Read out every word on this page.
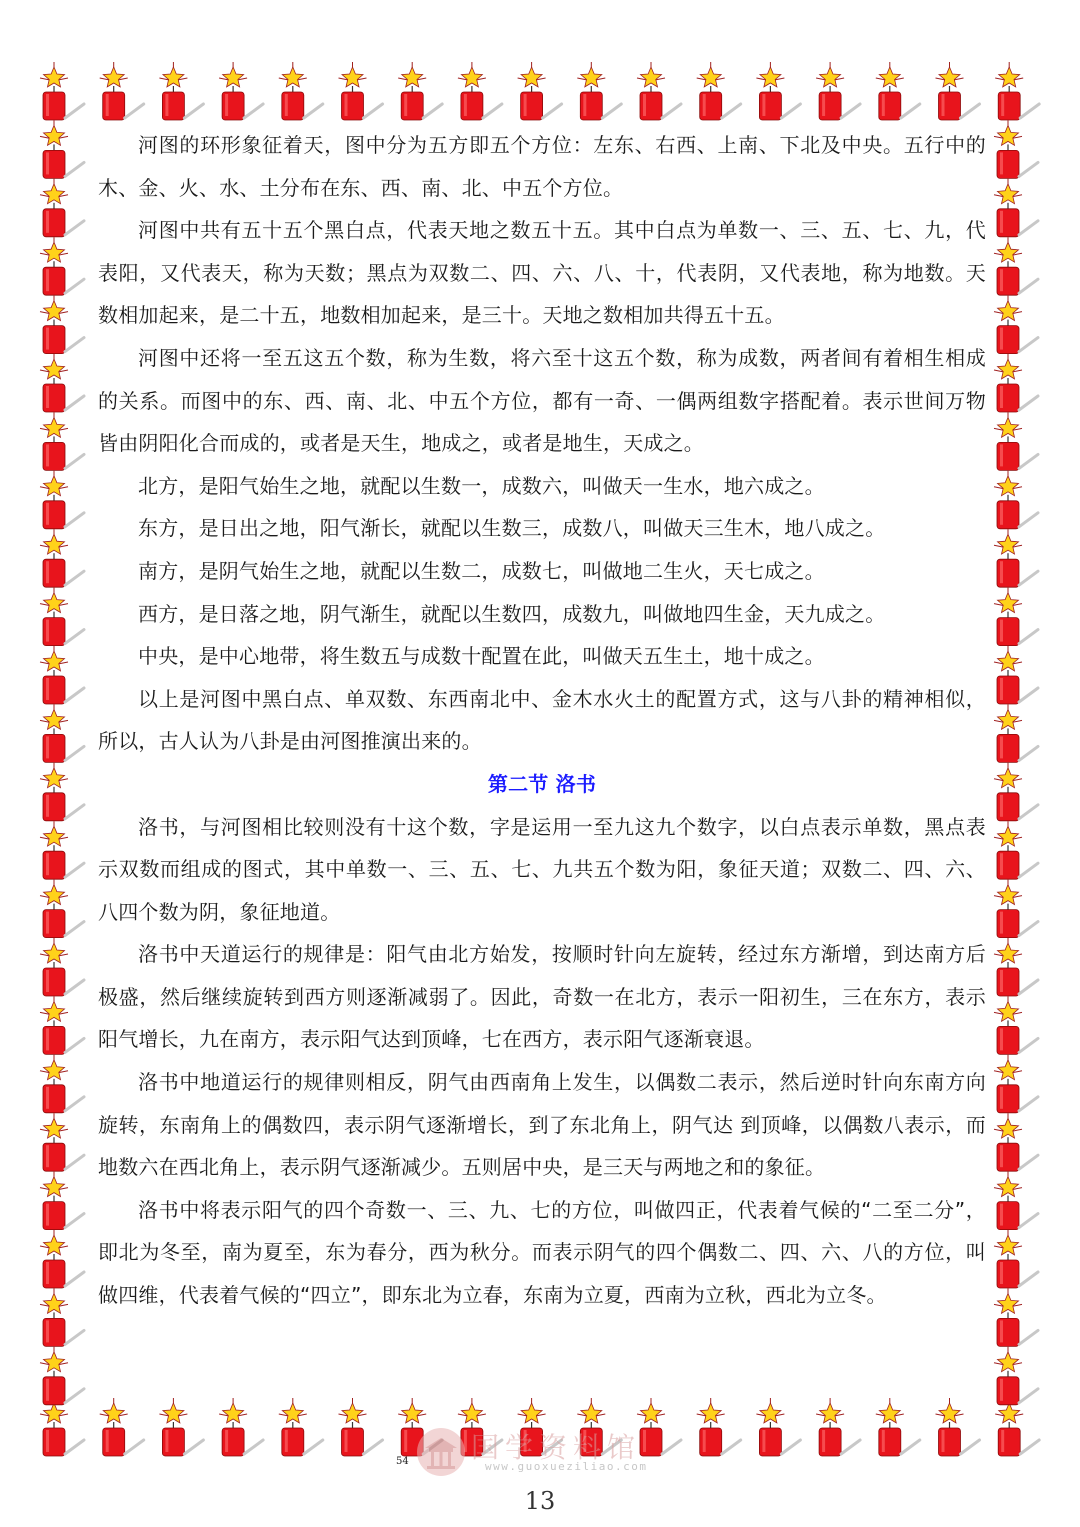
河图的环形象征着天，图中分为五方即五个方位：左东、右西、上南、下北及中央。五行中的木、金、火、水、土分布在东、西、南、北、中五个方位。

河图中共有五十五个黑白点，代表天地之数五十五。其中白点为单数一、三、五、七、九，代表阳，又代表天，称为天数；黑点为双数二、四、六、八、十，代表阴，又代表地，称为地数。天数相加起来，是二十五，地数相加起来，是三十。天地之数相加共得五十五。

河图中还将一至五这五个数，称为生数，将六至十这五个数，称为成数，两者间有着相生相成的关系。而图中的东、西、南、北、中五个方位，都有一奇、一偶两组数字搭配着。表示世间万物皆由阴阳化合而成的，或者是天生，地成之，或者是地生，天成之。

北方，是阳气始生之地，就配以生数一，成数六，叫做天一生水，地六成之。

东方，是日出之地，阳气渐长，就配以生数三，成数八，叫做天三生木，地八成之。

南方，是阴气始生之地，就配以生数二，成数七，叫做地二生火，天七成之。

西方，是日落之地，阴气渐生，就配以生数四，成数九，叫做地四生金，天九成之。

中央，是中心地带，将生数五与成数十配置在此，叫做天五生土，地十成之。

以上是河图中黑白点、单双数、东西南北中、金木水火土的配置方式，这与八卦的精神相似，所以，古人认为八卦是由河图推演出来的。

第二节 洛书

洛书，与河图相比较则没有十这个数，字是运用一至九这九个数字，以白点表示单数，黑点表示双数而组成的图式，其中单数一、三、五、七、九共五个数为阳，象征天道；双数二、四、六、八四个数为阴，象征地道。

洛书中天道运行的规律是：阳气由北方始发，按顺时针向左旋转，经过东方渐增，到达南方后极盛，然后继续旋转到西方则逐渐减弱了。因此，奇数一在北方，表示一阳初生，三在东方，表示阳气增长，九在南方，表示阳气达到顶峰，七在西方，表示阳气逐渐衰退。

洛书中地道运行的规律则相反，阴气由西南角上发生，以偶数二表示，然后逆时针向东南方向旋转，东南角上的偶数四，表示阴气逐渐增长，到了东北角上，阴气达 到顶峰，以偶数八表示，而地数六在西北角上，表示阴气逐渐减少。五则居中央，是三天与两地之和的象征。

洛书中将表示阳气的四个奇数一、三、九、七的方位，叫做四正，代表着气候的“二至二分”，即北为冬至，南为夏至，东为春分，西为秋分。而表示阴气的四个偶数二、四、六、八的方位，叫做四维，代表着气候的“四立”，即东北为立春，东南为立夏，西南为立秋，西北为立冬。

国学资料馆
www.guoxueziliao.com
54
13
